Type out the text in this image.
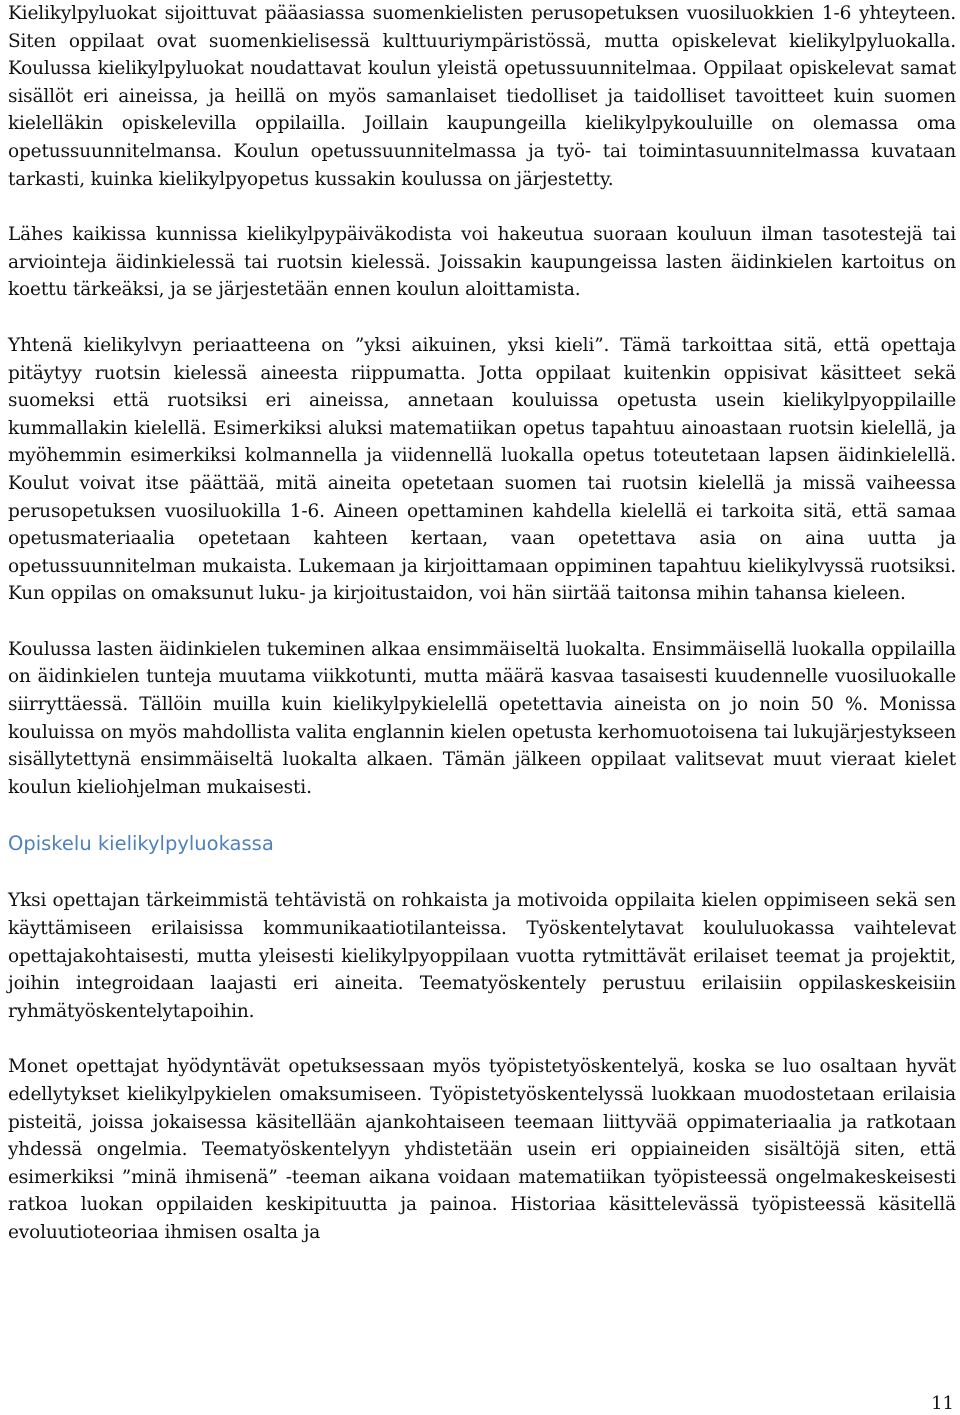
Kielikylpyluokat sijoittuvat pääasiassa suomenkielisten perusopetuksen vuosiluokkien 1-6 yhteyteen. Siten oppilaat ovat suomenkielisessä kulttuuriympäristössä, mutta opiskelevat kielikylpyluokalla. Koulussa kielikylpyluokat noudattavat koulun yleistä opetussuunnitelmaa. Oppilaat opiskelevat samat sisällöt eri aineissa, ja heillä on myös samanlaiset tiedolliset ja taidolliset tavoitteet kuin suomen kielelläkin opiskelevilla oppilailla. Joillain kaupungeilla kielikylpykouluille on olemassa oma opetussuunnitelmansa. Koulun opetussuunnitelmassa ja työ- tai toimintasuunnitelmassa kuvataan tarkasti, kuinka kielikylpyopetus kussakin koulussa on järjestetty.

Lähes kaikissa kunnissa kielikylpypäiväkodista voi hakeutua suoraan kouluun ilman tasotestejä tai arviointeja äidinkielessä tai ruotsin kielessä. Joissakin kaupungeissa lasten äidinkielen kartoitus on koettu tärkeäksi, ja se järjestetään ennen koulun aloittamista.

Yhtenä kielikylvyn periaatteena on ”yksi aikuinen, yksi kieli”. Tämä tarkoittaa sitä, että opettaja pitäytyy ruotsin kielessä aineesta riippumatta. Jotta oppilaat kuitenkin oppisivat käsitteet sekä suomeksi että ruotsiksi eri aineissa, annetaan kouluissa opetusta usein kielikylpyoppilaille kummallakin kielellä. Esimerkiksi aluksi matematiikan opetus tapahtuu ainoastaan ruotsin kielellä, ja myöhemmin esimerkiksi kolmannella ja viidennellä luokalla opetus toteutetaan lapsen äidinkielellä. Koulut voivat itse päättää, mitä aineita opetetaan suomen tai ruotsin kielellä ja missä vaiheessa perusopetuksen vuosiluokilla 1-6. Aineen opettaminen kahdella kielellä ei tarkoita sitä, että samaa opetusmateriaalia opetetaan kahteen kertaan, vaan opetettava asia on aina uutta ja opetussuunnitelman mukaista. Lukemaan ja kirjoittamaan oppiminen tapahtuu kielikylvyssä ruotsiksi. Kun oppilas on omaksunut luku- ja kirjoitustaidon, voi hän siirtää taitonsa mihin tahansa kieleen.

Koulussa lasten äidinkielen tukeminen alkaa ensimmäiseltä luokalta. Ensimmäisellä luokalla oppilailla on äidinkielen tunteja muutama viikkotunti, mutta määrä kasvaa tasaisesti kuudennelle vuosiluokalle siirryttäessä. Tällöin muilla kuin kielikylpykielellä opetettavia aineista on jo noin 50 %. Monissa kouluissa on myös mahdollista valita englannin kielen opetusta kerhomuotoisena tai lukujärjestykseen sisällytettynä ensimmäiseltä luokalta alkaen. Tämän jälkeen oppilaat valitsevat muut vieraat kielet koulun kieliohjelman mukaisesti.

Opiskelu kielikylpyluokassa

Yksi opettajan tärkeimmistä tehtävistä on rohkaista ja motivoida oppilaita kielen oppimiseen sekä sen käyttämiseen erilaisissa kommunikaatiotilanteissa. Työskentelytavat koululuokassa vaihtelevat opettajakohtaisesti, mutta yleisesti kielikylpyoppilaan vuotta rytmittävät erilaiset teemat ja projektit, joihin integroidaan laajasti eri aineita. Teematyöskentely perustuu erilaisiin oppilaskeskeisiin ryhmätyöskentelytapoihin.

Monet opettajat hyödyntävät opetuksessaan myös työpistetyöskentelyä, koska se luo osaltaan hyvät edellytykset kielikylpykielen omaksumiseen. Työpistetyöskentelyssä luokkaan muodostetaan erilaisia pisteitä, joissa jokaisessa käsitellään ajankohtaiseen teemaan liittyvää oppimateriaalia ja ratkotaan yhdessä ongelmia. Teematyöskentelyyn yhdistetään usein eri oppiaineiden sisältöjä siten, että esimerkiksi ”minä ihmisenä” -teeman aikana voidaan matematiikan työpisteessä ongelmakeskeisesti ratkoa luokan oppilaiden keskipituutta ja painoa. Historiaa käsittelevässä työpisteessä käsitellä evoluutioteoriaa ihmisen osalta ja

11
